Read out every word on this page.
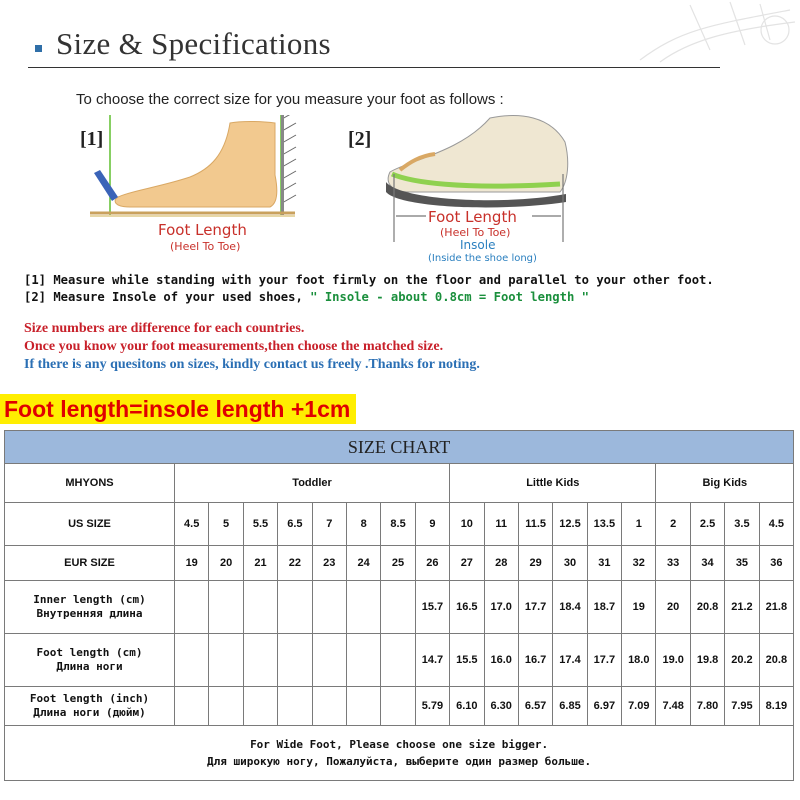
Size & Specifications
To choose the correct size for you measure your foot as follows :
[1]
Foot Length
(Heel To Toe)
[2]
Foot Length
(Heel To Toe)
Insole
(Inside the shoe long)
[1] Measure while standing with your foot firmly on the floor and parallel to your other foot.
[2] Measure Insole of your used shoes, " Insole - about 0.8cm = Foot length "
Size numbers are difference for each countries.
Once you know your foot measurements,then choose the matched size.
If there is any quesitons on sizes, kindly contact us freely .Thanks for noting.
Foot length=insole length +1cm
SIZE CHART																		
MHYONS	Toddler								Little Kids						Big Kids			
US SIZE	4.5	5	5.5	6.5	7	8	8.5	9	10	11	11.5	12.5	13.5	1	2	2.5	3.5	4.5
EUR SIZE	19	20	21	22	23	24	25	26	27	28	29	30	31	32	33	34	35	36
Inner length (cm)
Внутренняя длина								15.7	16.5	17.0	17.7	18.4	18.7	19	20	20.8	21.2	21.8
Foot length (cm)
Длина ноги								14.7	15.5	16.0	16.7	17.4	17.7	18.0	19.0	19.8	20.2	20.8
Foot length (inch)
Длина ноги (дюйм)								5.79	6.10	6.30	6.57	6.85	6.97	7.09	7.48	7.80	7.95	8.19
For Wide Foot, Please choose one size bigger.
Для широкую ногу, Пожалуйста, выберите один размер больше.																		
